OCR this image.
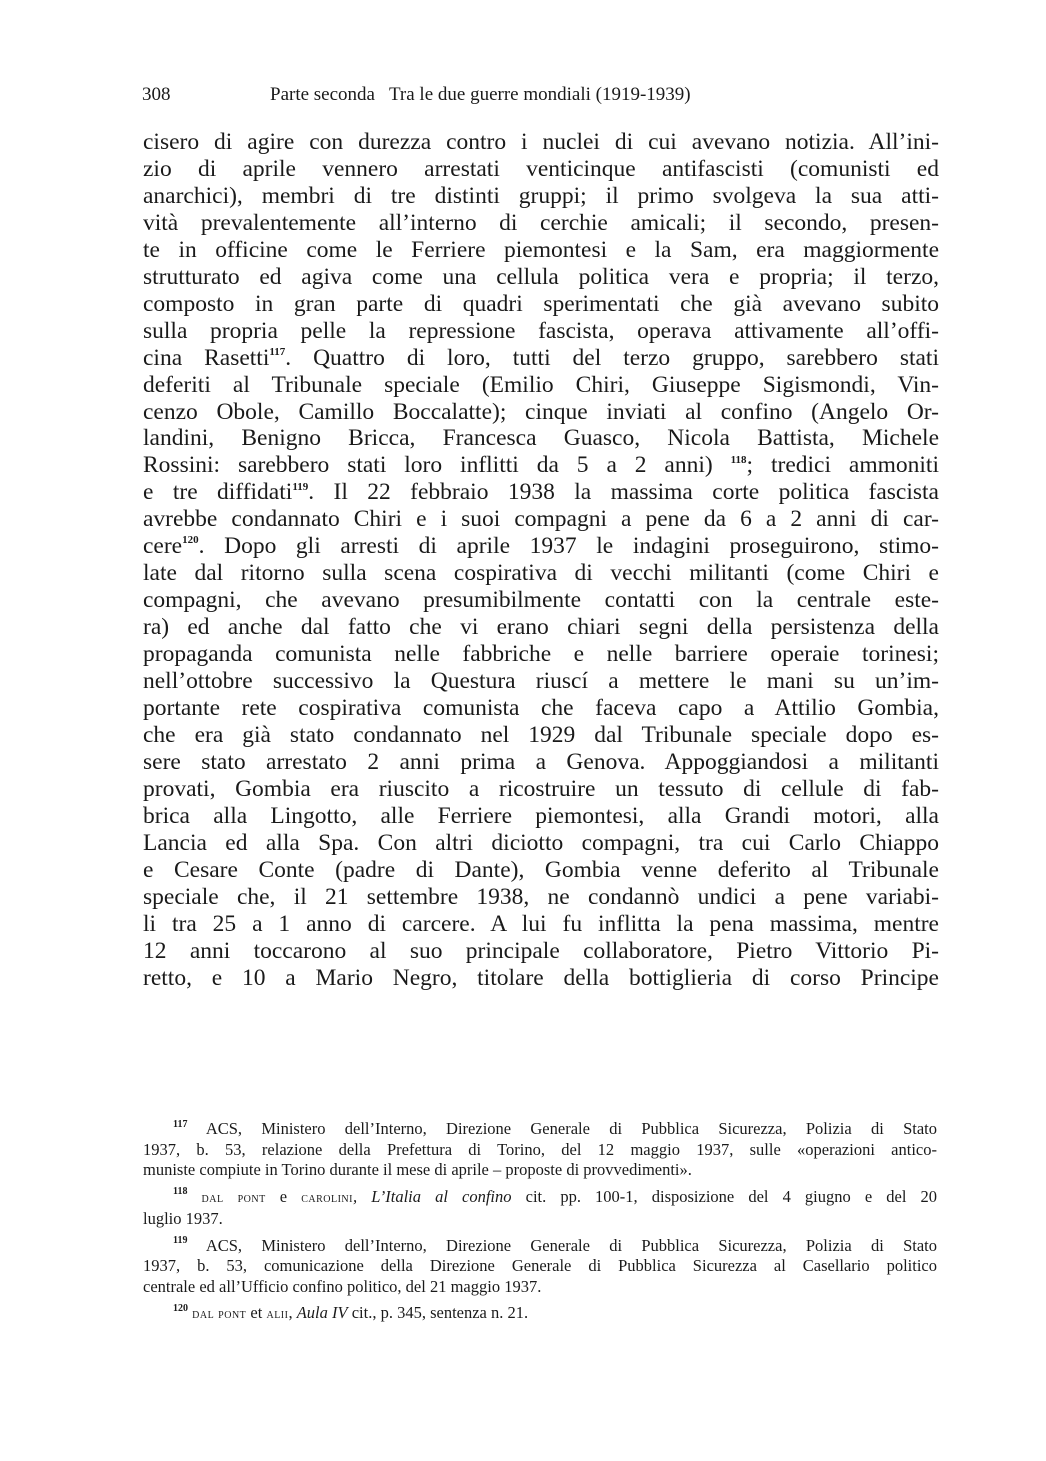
308	Parte seconda Tra le due guerre mondiali (1919-1939)
cisero di agire con durezza contro i nuclei di cui avevano notizia. All’ini-
zio di aprile vennero arrestati venticinque antifascisti (comunisti ed
anarchici), membri di tre distinti gruppi; il primo svolgeva la sua atti-
vità prevalentemente all’interno di cerchie amicali; il secondo, presen-
te in officine come le Ferriere piemontesi e la Sam, era maggiormente
strutturato ed agiva come una cellula politica vera e propria; il terzo,
composto in gran parte di quadri sperimentati che già avevano subito
sulla propria pelle la repressione fascista, operava attivamente all’offi-
cina Rasetti$^{117}$. Quattro di loro, tutti del terzo gruppo, sarebbero stati
deferiti al Tribunale speciale (Emilio Chiri, Giuseppe Sigismondi, Vin-
cenzo Obole, Camillo Boccalatte); cinque inviati al confino (Angelo Or-
landini, Benigno Bricca, Francesca Guasco, Nicola Battista, Michele
Rossini: sarebbero stati loro inflitti da 5 a 2 anni) $^{118}$; tredici ammoniti
e tre diffidati$^{119}$. Il 22 febbraio 1938 la massima corte politica fascista
avrebbe condannato Chiri e i suoi compagni a pene da 6 a 2 anni di car-
cere$^{120}$. Dopo gli arresti di aprile 1937 le indagini proseguirono, stimo-
late dal ritorno sulla scena cospirativa di vecchi militanti (come Chiri e
compagni, che avevano presumibilmente contatti con la centrale este-
ra) ed anche dal fatto che vi erano chiari segni della persistenza della
propaganda comunista nelle fabbriche e nelle barriere operaie torinesi;
nell’ottobre successivo la Questura riuscí a mettere le mani su un’im-
portante rete cospirativa comunista che faceva capo a Attilio Gombia,
che era già stato condannato nel 1929 dal Tribunale speciale dopo es-
sere stato arrestato 2 anni prima a Genova. Appoggiandosi a militanti
provati, Gombia era riuscito a ricostruire un tessuto di cellule di fab-
brica alla Lingotto, alle Ferriere piemontesi, alla Grandi motori, alla
Lancia ed alla Spa. Con altri diciotto compagni, tra cui Carlo Chiappo
e Cesare Conte (padre di Dante), Gombia venne deferito al Tribunale
speciale che, il 21 settembre 1938, ne condannò undici a pene variabi-
li tra 25 a 1 anno di carcere. A lui fu inflitta la pena massima, mentre
12 anni toccarono al suo principale collaboratore, Pietro Vittorio Pi-
retto, e 10 a Mario Negro, titolare della bottiglieria di corso Principe
$^{117}$ ACS, Ministero dell’Interno, Direzione Generale di Pubblica Sicurezza, Polizia di Stato
1937, b. 53, relazione della Prefettura di Torino, del 12 maggio 1937, sulle «operazioni antico-
muniste compiute in Torino durante il mese di aprile – proposte di provvedimenti».
$^{118}$ dal pont e carolini, L’Italia al confino cit. pp. 100-1, disposizione del 4 giugno e del 20
luglio 1937.
$^{119}$ ACS, Ministero dell’Interno, Direzione Generale di Pubblica Sicurezza, Polizia di Stato
1937, b. 53, comunicazione della Direzione Generale di Pubblica Sicurezza al Casellario politico
centrale ed all’Ufficio confino politico, del 21 maggio 1937.
$^{120}$ dal pont et alii, Aula IV cit., p. 345, sentenza n. 21.
